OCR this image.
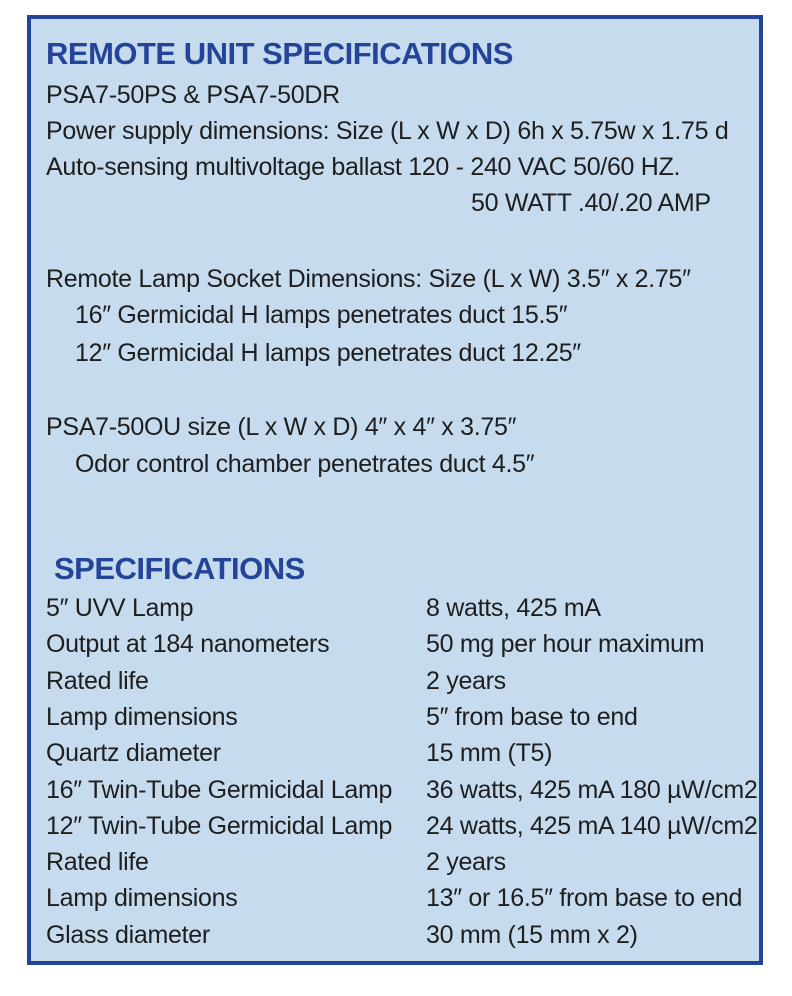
REMOTE UNIT SPECIFICATIONS
PSA7-50PS & PSA7-50DR
Power supply dimensions: Size (L x W x D) 6h x 5.75w x 1.75 d
Auto-sensing multivoltage ballast 120 - 240 VAC 50/60 HZ.
50 WATT .40/.20 AMP
Remote Lamp Socket Dimensions: Size (L x W) 3.5″ x 2.75″
16″ Germicidal H lamps penetrates duct 15.5″
12″ Germicidal H lamps penetrates duct 12.25″
PSA7-50OU size (L x W x D) 4″ x 4″ x 3.75″
Odor control chamber penetrates duct 4.5″
SPECIFICATIONS
5″ UVV Lamp	8 watts, 425 mA
Output at 184 nanometers	50 mg per hour maximum
Rated life	2 years
Lamp dimensions	5″ from base to end
Quartz diameter	15 mm (T5)
16″ Twin-Tube Germicidal Lamp 36 watts, 425 mA 180 µW/cm2
12″ Twin-Tube Germicidal Lamp 24 watts, 425 mA 140 µW/cm2
Rated life	2 years
Lamp dimensions	13″ or 16.5″ from base to end
Glass diameter	30 mm (15 mm x 2)
